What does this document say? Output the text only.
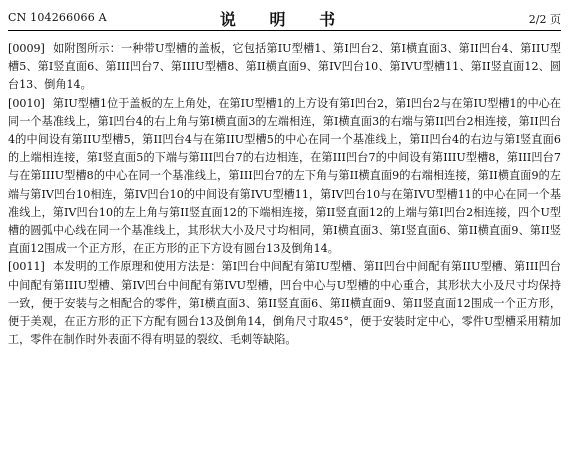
CN 104266066 A	说 明 书	2/2 页

[0009] 如附图所示：一种带U型槽的盖板，它包括第IU型槽1、第I凹台2、第I横直面3、第II凹台4、第IIU型槽5、第I竖直面6、第III凹台7、第IIIU型槽8、第II横直面9、第IV凹台10、第IVU型槽11、第II竖直面12、圆台13、倒角14。

[0010] 第IU型槽1位于盖板的左上角处，在第IU型槽1的上方设有第I凹台2，第I凹台2与在第IU型槽1的中心在同一个基准线上，第I凹台4的右上角与第I横直面3的左端相连，第I横直面3的右端与第II凹台2相连接，第II凹台4的中间设有第IIU型槽5，第II凹台4与在第IIU型槽5的中心在同一个基准线上，第II凹台4的右边与第I竖直面6的上端相连接，第I竖直面5的下端与第III凹台7的右边相连，在第III凹台7的中间设有第IIIU型槽8，第III凹台7与在第IIIU型槽8的中心在同一个基准线上，第III凹台7的左下角与第II横直面9的右端相连接，第II横直面9的左端与第IV凹台10相连，第IV凹台10的中间设有第IVU型槽11，第IV凹台10与在第IVU型槽11的中心在同一个基准线上，第IV凹台10的左上角与第II竖直面12的下端相连接，第II竖直面12的上端与第I凹台2相连接，四个U型槽的圆弧中心线在同一个基准线上，其形状大小及尺寸均相同，第I横直面3、第I竖直面6、第II横直面9、第II竖直面12围成一个正方形，在正方形的正下方设有圆台13及倒角14。

[0011] 本发明的工作原理和使用方法是：第I凹台中间配有第IU型槽、第II凹台中间配有第IIU型槽、第III凹台中间配有第IIIU型槽、第IV凹台中间配有第IVU型槽，凹台中心与U型槽的中心重合，其形状大小及尺寸均保持一致，便于安装与之相配合的零件，第I横直面3、第II竖直面6、第II横直面9、第II竖直面12围成一个正方形，便于美观，在正方形的正下方配有圆台13及倒角14，倒角尺寸取45°，便于安装时定中心，零件U型槽采用精加工，零件在制作时外表面不得有明显的裂纹、毛刺等缺陷。
